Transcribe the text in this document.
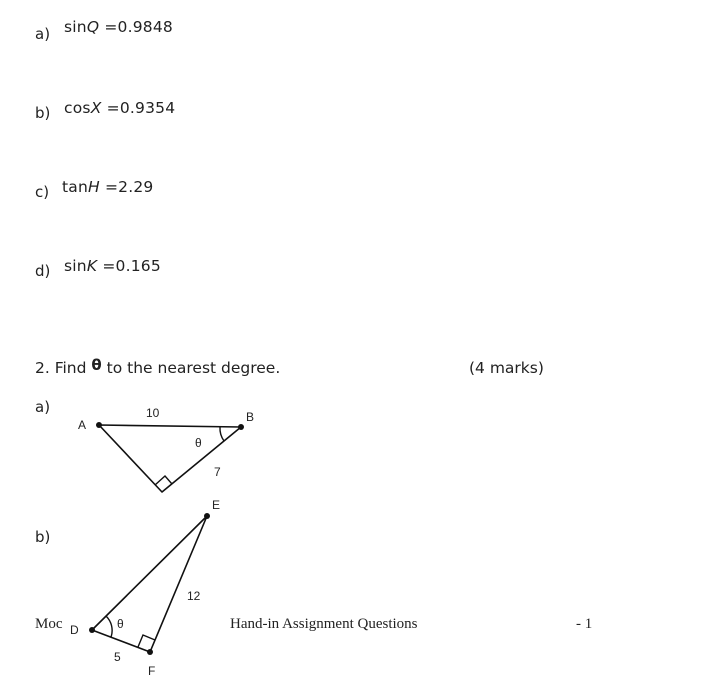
a) sinQ =0.9848
b) cosX =0.9354
c) tanH =2.29
d) sinK =0.165
2. Find θ to the nearest degree.	(4 marks)
a)
b)
A
B
10
7
θ
D
E
F
12
5
θ
Moc	Hand-in Assignment Questions	- 1
